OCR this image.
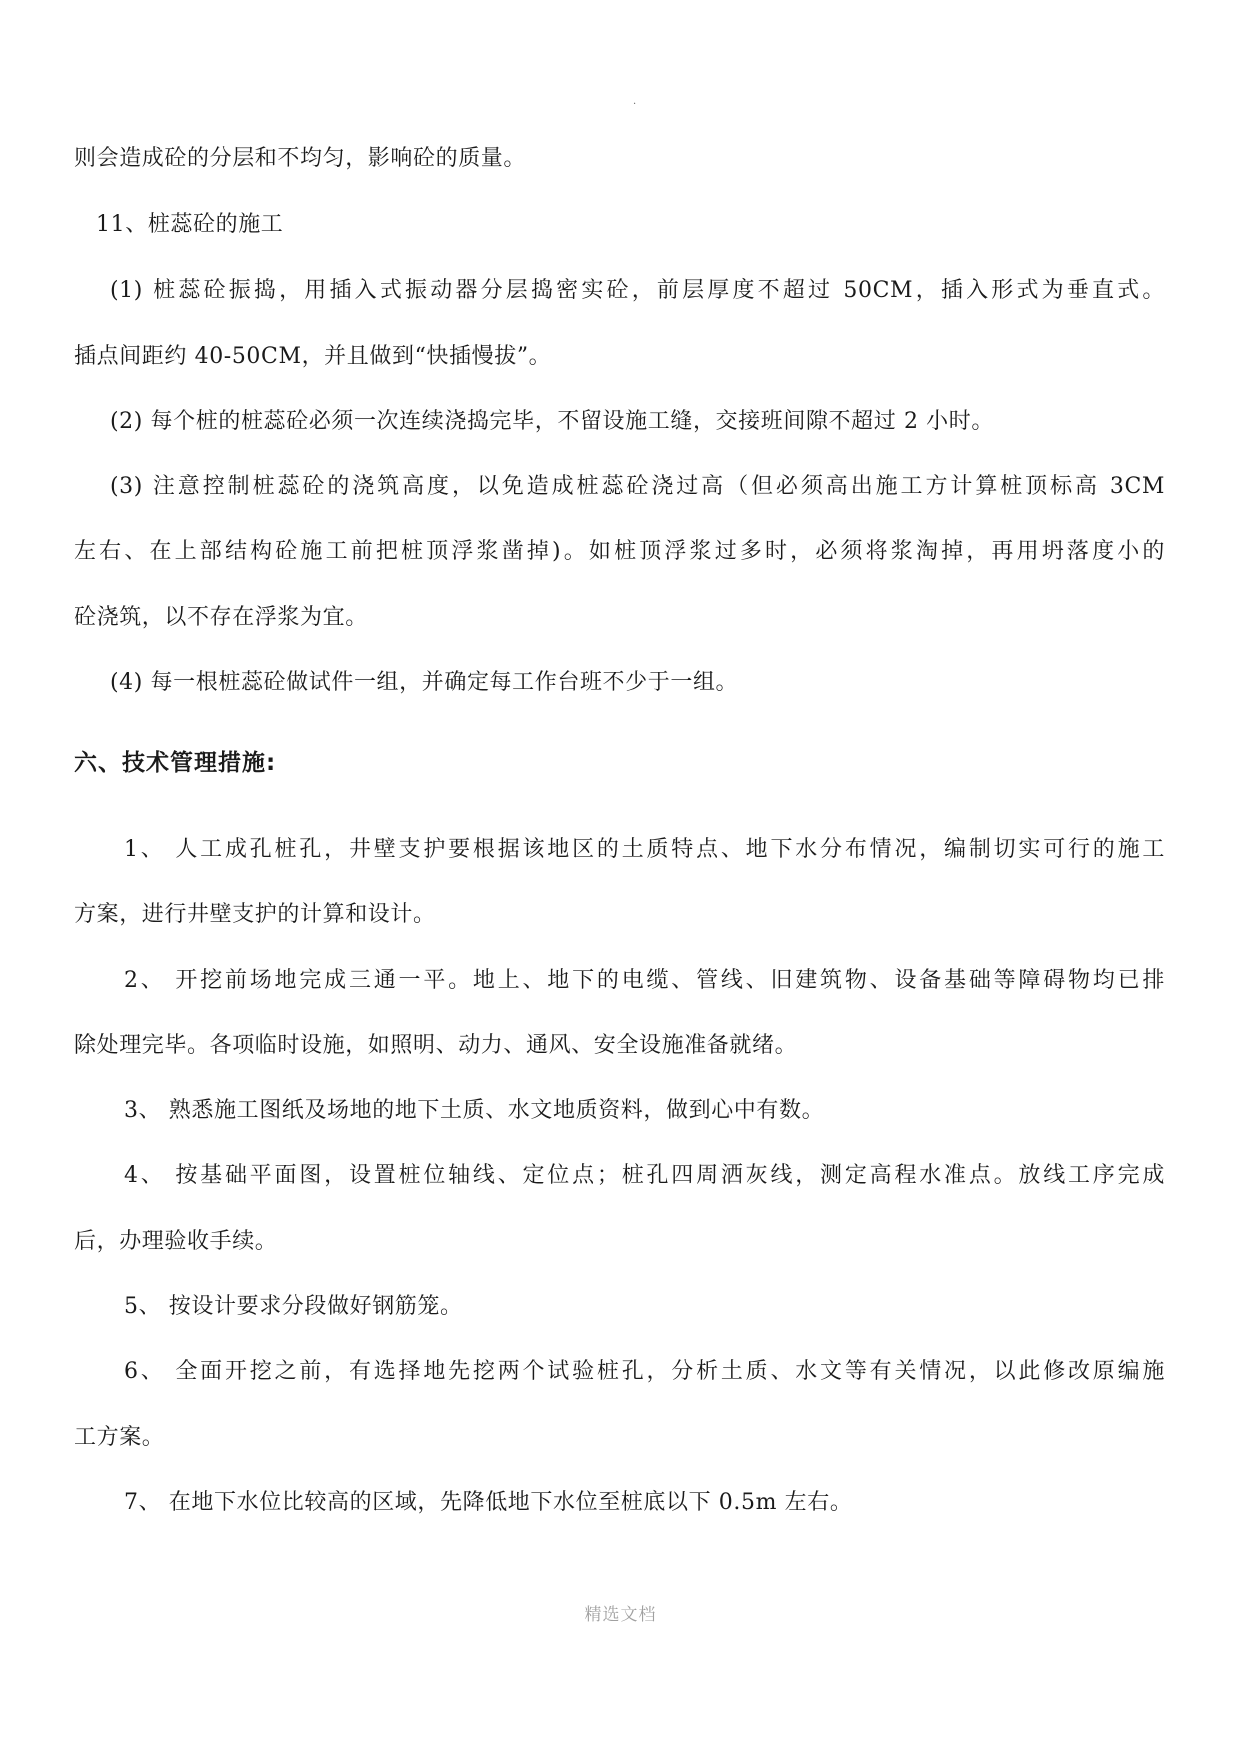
.
则会造成砼的分层和不均匀，影响砼的质量。
11、桩蕊砼的施工
(1) 桩蕊砼振捣，用插入式振动器分层捣密实砼，前层厚度不超过 50CM，插入形式为垂直式。
插点间距约 40-50CM，并且做到“快插慢拔”。
(2) 每个桩的桩蕊砼必须一次连续浇捣完毕，不留设施工缝，交接班间隙不超过 2 小时。
(3) 注意控制桩蕊砼的浇筑高度，以免造成桩蕊砼浇过高（但必须高出施工方计算桩顶标高 3CM
左右、在上部结构砼施工前把桩顶浮浆凿掉)。如桩顶浮浆过多时，必须将浆淘掉，再用坍落度小的
砼浇筑，以不存在浮浆为宜。
(4) 每一根桩蕊砼做试件一组，并确定每工作台班不少于一组。
六、技术管理措施:
1、 人工成孔桩孔，井壁支护要根据该地区的土质特点、地下水分布情况，编制切实可行的施工
方案，进行井壁支护的计算和设计。
2、 开挖前场地完成三通一平。地上、地下的电缆、管线、旧建筑物、设备基础等障碍物均已排
除处理完毕。各项临时设施，如照明、动力、通风、安全设施准备就绪。
3、 熟悉施工图纸及场地的地下土质、水文地质资料，做到心中有数。
4、 按基础平面图，设置桩位轴线、定位点；桩孔四周洒灰线，测定高程水准点。放线工序完成
后，办理验收手续。
5、 按设计要求分段做好钢筋笼。
6、 全面开挖之前，有选择地先挖两个试验桩孔，分析土质、水文等有关情况，以此修改原编施
工方案。
7、 在地下水位比较高的区域，先降低地下水位至桩底以下 0.5m 左右。
精选文档
